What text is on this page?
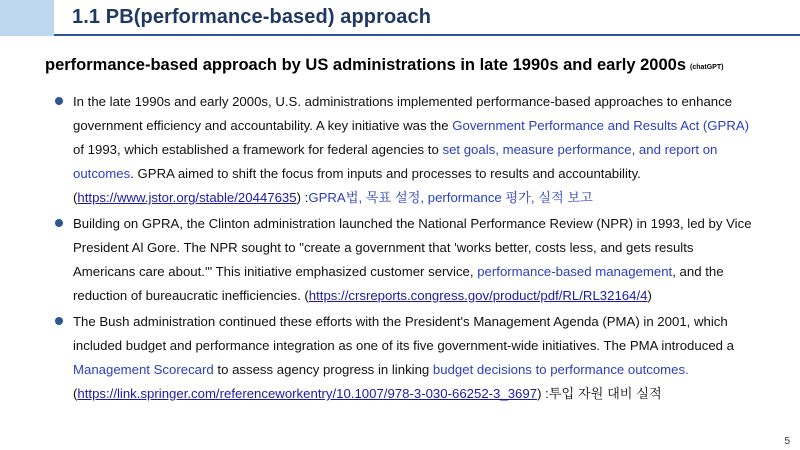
1.1 PB(performance-based) approach
performance-based approach by US administrations in late 1990s and early 2000s (chatGPT)
In the late 1990s and early 2000s, U.S. administrations implemented performance-based approaches to enhance government efficiency and accountability. A key initiative was the Government Performance and Results Act (GPRA) of 1993, which established a framework for federal agencies to set goals, measure performance, and report on outcomes. GPRA aimed to shift the focus from inputs and processes to results and accountability. (https://www.jstor.org/stable/20447635) :GPRA법, 목표 설정, performance 평가, 실적 보고
Building on GPRA, the Clinton administration launched the National Performance Review (NPR) in 1993, led by Vice President Al Gore. The NPR sought to "create a government that 'works better, costs less, and gets results Americans care about.'" This initiative emphasized customer service, performance-based management, and the reduction of bureaucratic inefficiencies. (https://crsreports.congress.gov/product/pdf/RL/RL32164/4)
The Bush administration continued these efforts with the President's Management Agenda (PMA) in 2001, which included budget and performance integration as one of its five government-wide initiatives. The PMA introduced a Management Scorecard to assess agency progress in linking budget decisions to performance outcomes. (https://link.springer.com/referenceworkentry/10.1007/978-3-030-66252-3_3697) :투입 자원 대비 실적
5
